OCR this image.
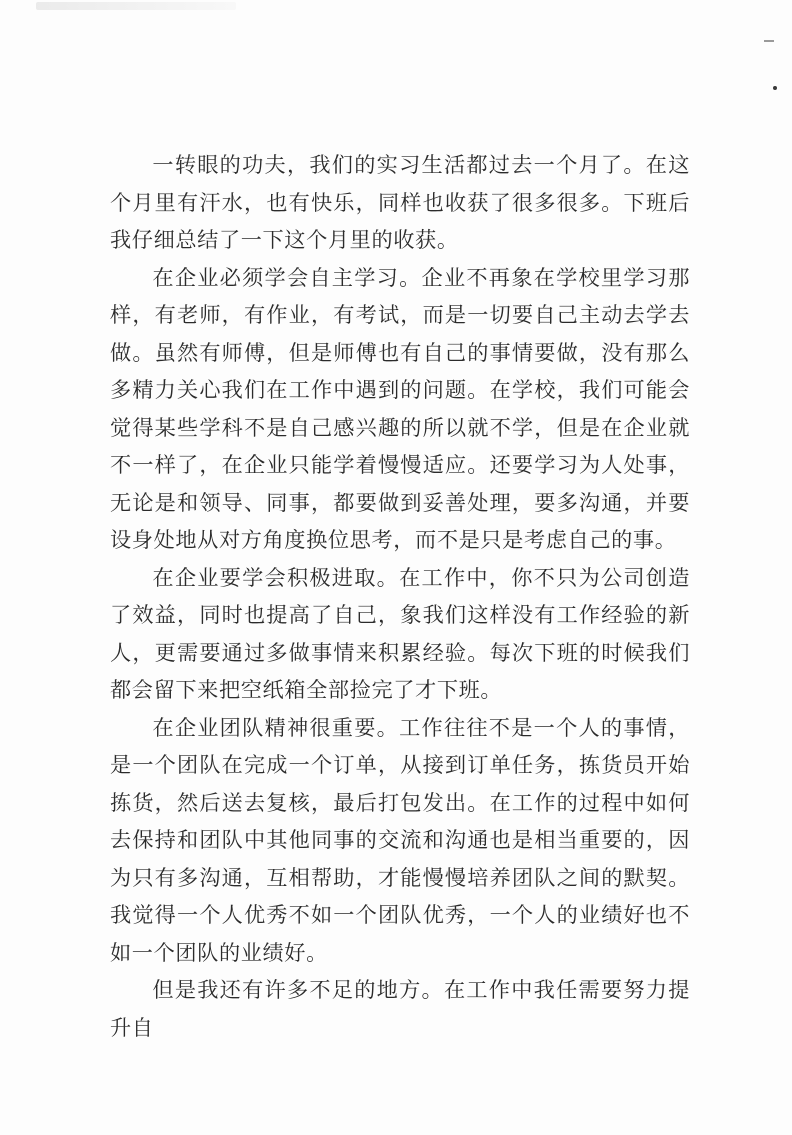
一转眼的功夫，我们的实习生活都过去一个月了。在这个月里有汗水，也有快乐，同样也收获了很多很多。下班后我仔细总结了一下这个月里的收获。

在企业必须学会自主学习。企业不再象在学校里学习那样，有老师，有作业，有考试，而是一切要自己主动去学去做。虽然有师傅，但是师傅也有自己的事情要做，没有那么多精力关心我们在工作中遇到的问题。在学校，我们可能会觉得某些学科不是自己感兴趣的所以就不学，但是在企业就不一样了，在企业只能学着慢慢适应。还要学习为人处事，无论是和领导、同事，都要做到妥善处理，要多沟通，并要设身处地从对方角度换位思考，而不是只是考虑自己的事。

在企业要学会积极进取。在工作中，你不只为公司创造了效益，同时也提高了自己，象我们这样没有工作经验的新人，更需要通过多做事情来积累经验。每次下班的时候我们都会留下来把空纸箱全部捡完了才下班。

在企业团队精神很重要。工作往往不是一个人的事情，是一个团队在完成一个订单，从接到订单任务，拣货员开始拣货，然后送去复核，最后打包发出。在工作的过程中如何去保持和团队中其他同事的交流和沟通也是相当重要的，因为只有多沟通，互相帮助，才能慢慢培养团队之间的默契。我觉得一个人优秀不如一个团队优秀，一个人的业绩好也不如一个团队的业绩好。

但是我还有许多不足的地方。在工作中我任需要努力提升自
